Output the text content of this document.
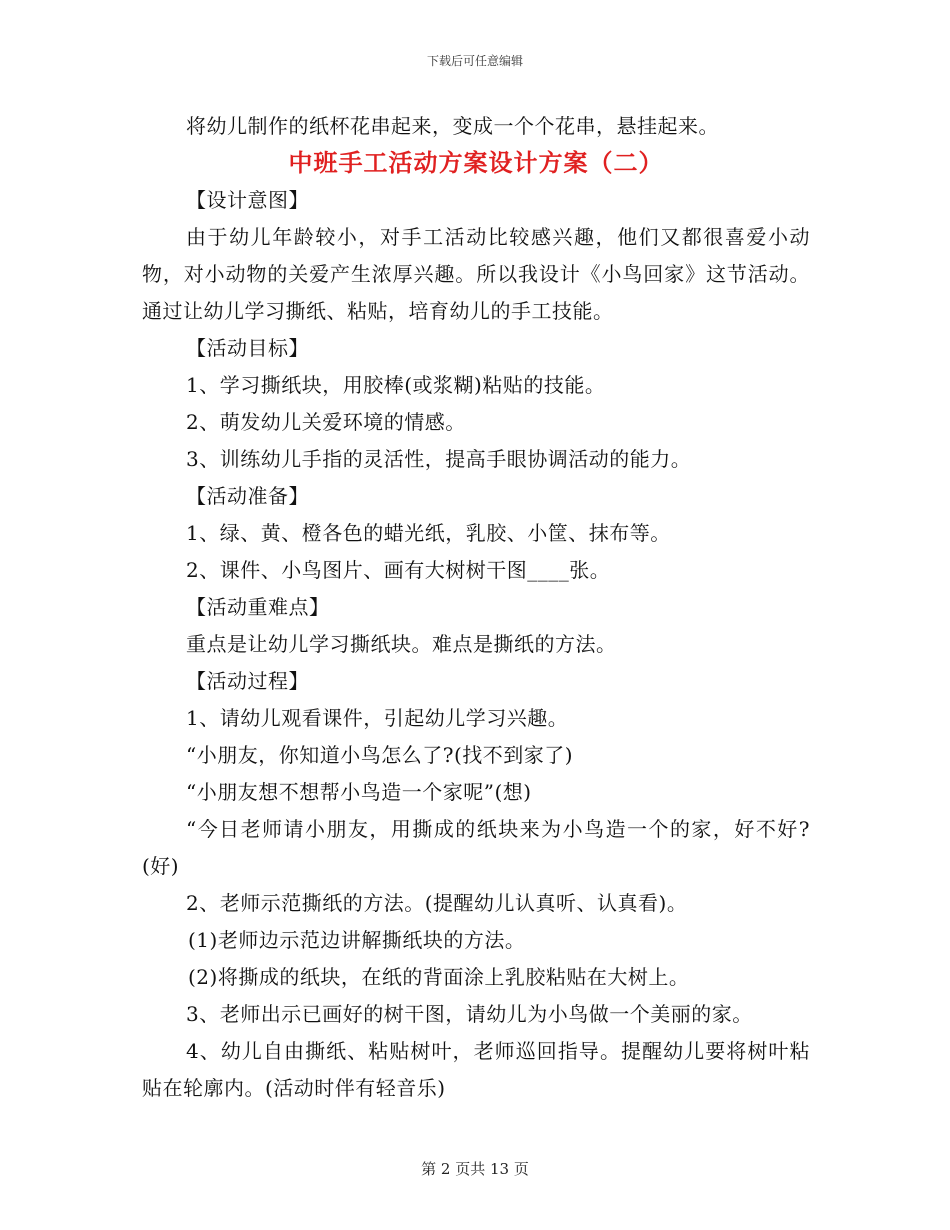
下载后可任意编辑
将幼儿制作的纸杯花串起来，变成一个个花串，悬挂起来。
中班手工活动方案设计方案（二）
【设计意图】
由于幼儿年龄较小，对手工活动比较感兴趣，他们又都很喜爱小动物，对小动物的关爱产生浓厚兴趣。所以我设计《小鸟回家》这节活动。通过让幼儿学习撕纸、粘贴，培育幼儿的手工技能。
【活动目标】
1、学习撕纸块，用胶棒(或浆糊)粘贴的技能。
2、萌发幼儿关爱环境的情感。
3、训练幼儿手指的灵活性，提高手眼协调活动的能力。
【活动准备】
1、绿、黄、橙各色的蜡光纸，乳胶、小筐、抹布等。
2、课件、小鸟图片、画有大树树干图____张。
【活动重难点】
重点是让幼儿学习撕纸块。难点是撕纸的方法。
【活动过程】
1、请幼儿观看课件，引起幼儿学习兴趣。
“小朋友，你知道小鸟怎么了?(找不到家了)
“小朋友想不想帮小鸟造一个家呢”(想)
“今日老师请小朋友，用撕成的纸块来为小鸟造一个的家，好不好?(好)
2、老师示范撕纸的方法。(提醒幼儿认真听、认真看)。
(1)老师边示范边讲解撕纸块的方法。
(2)将撕成的纸块，在纸的背面涂上乳胶粘贴在大树上。
3、老师出示已画好的树干图，请幼儿为小鸟做一个美丽的家。
4、幼儿自由撕纸、粘贴树叶，老师巡回指导。提醒幼儿要将树叶粘贴在轮廓内。(活动时伴有轻音乐)
第 2 页共 13 页
